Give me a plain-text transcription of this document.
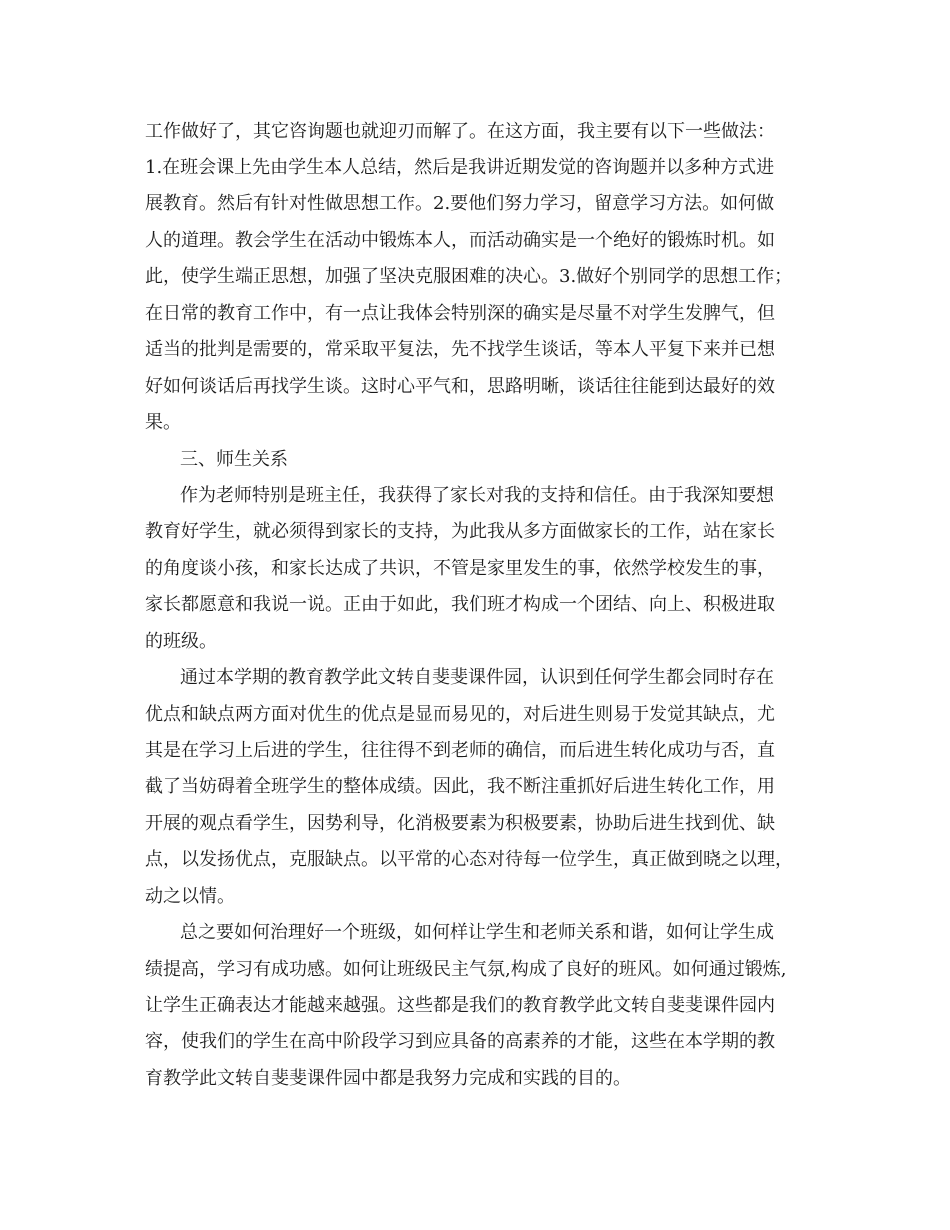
工作做好了，其它咨询题也就迎刃而解了。在这方面，我主要有以下一些做法：

1.在班会课上先由学生本人总结，然后是我讲近期发觉的咨询题并以多种方式进

展教育。然后有针对性做思想工作。2.要他们努力学习，留意学习方法。如何做

人的道理。教会学生在活动中锻炼本人，而活动确实是一个绝好的锻炼时机。如

此，使学生端正思想，加强了坚决克服困难的决心。3.做好个别同学的思想工作；

在日常的教育工作中，有一点让我体会特别深的确实是尽量不对学生发脾气，但

适当的批判是需要的，常采取平复法，先不找学生谈话，等本人平复下来并已想

好如何谈话后再找学生谈。这时心平气和，思路明晰，谈话往往能到达最好的效

果。

三、师生关系

作为老师特别是班主任，我获得了家长对我的支持和信任。由于我深知要想

教育好学生，就必须得到家长的支持，为此我从多方面做家长的工作，站在家长

的角度谈小孩，和家长达成了共识，不管是家里发生的事，依然学校发生的事，

家长都愿意和我说一说。正由于如此，我们班才构成一个团结、向上、积极进取

的班级。

通过本学期的教育教学此文转自斐斐课件园，认识到任何学生都会同时存在

优点和缺点两方面对优生的优点是显而易见的，对后进生则易于发觉其缺点，尤

其是在学习上后进的学生，往往得不到老师的确信，而后进生转化成功与否，直

截了当妨碍着全班学生的整体成绩。因此，我不断注重抓好后进生转化工作，用

开展的观点看学生，因势利导，化消极要素为积极要素，协助后进生找到优、缺

点，以发扬优点，克服缺点。以平常的心态对待每一位学生，真正做到晓之以理，

动之以情。

总之要如何治理好一个班级，如何样让学生和老师关系和谐，如何让学生成

绩提高，学习有成功感。如何让班级民主气氛,构成了良好的班风。如何通过锻炼,

让学生正确表达才能越来越强。这些都是我们的教育教学此文转自斐斐课件园内

容，使我们的学生在高中阶段学习到应具备的高素养的才能，这些在本学期的教

育教学此文转自斐斐课件园中都是我努力完成和实践的目的。
